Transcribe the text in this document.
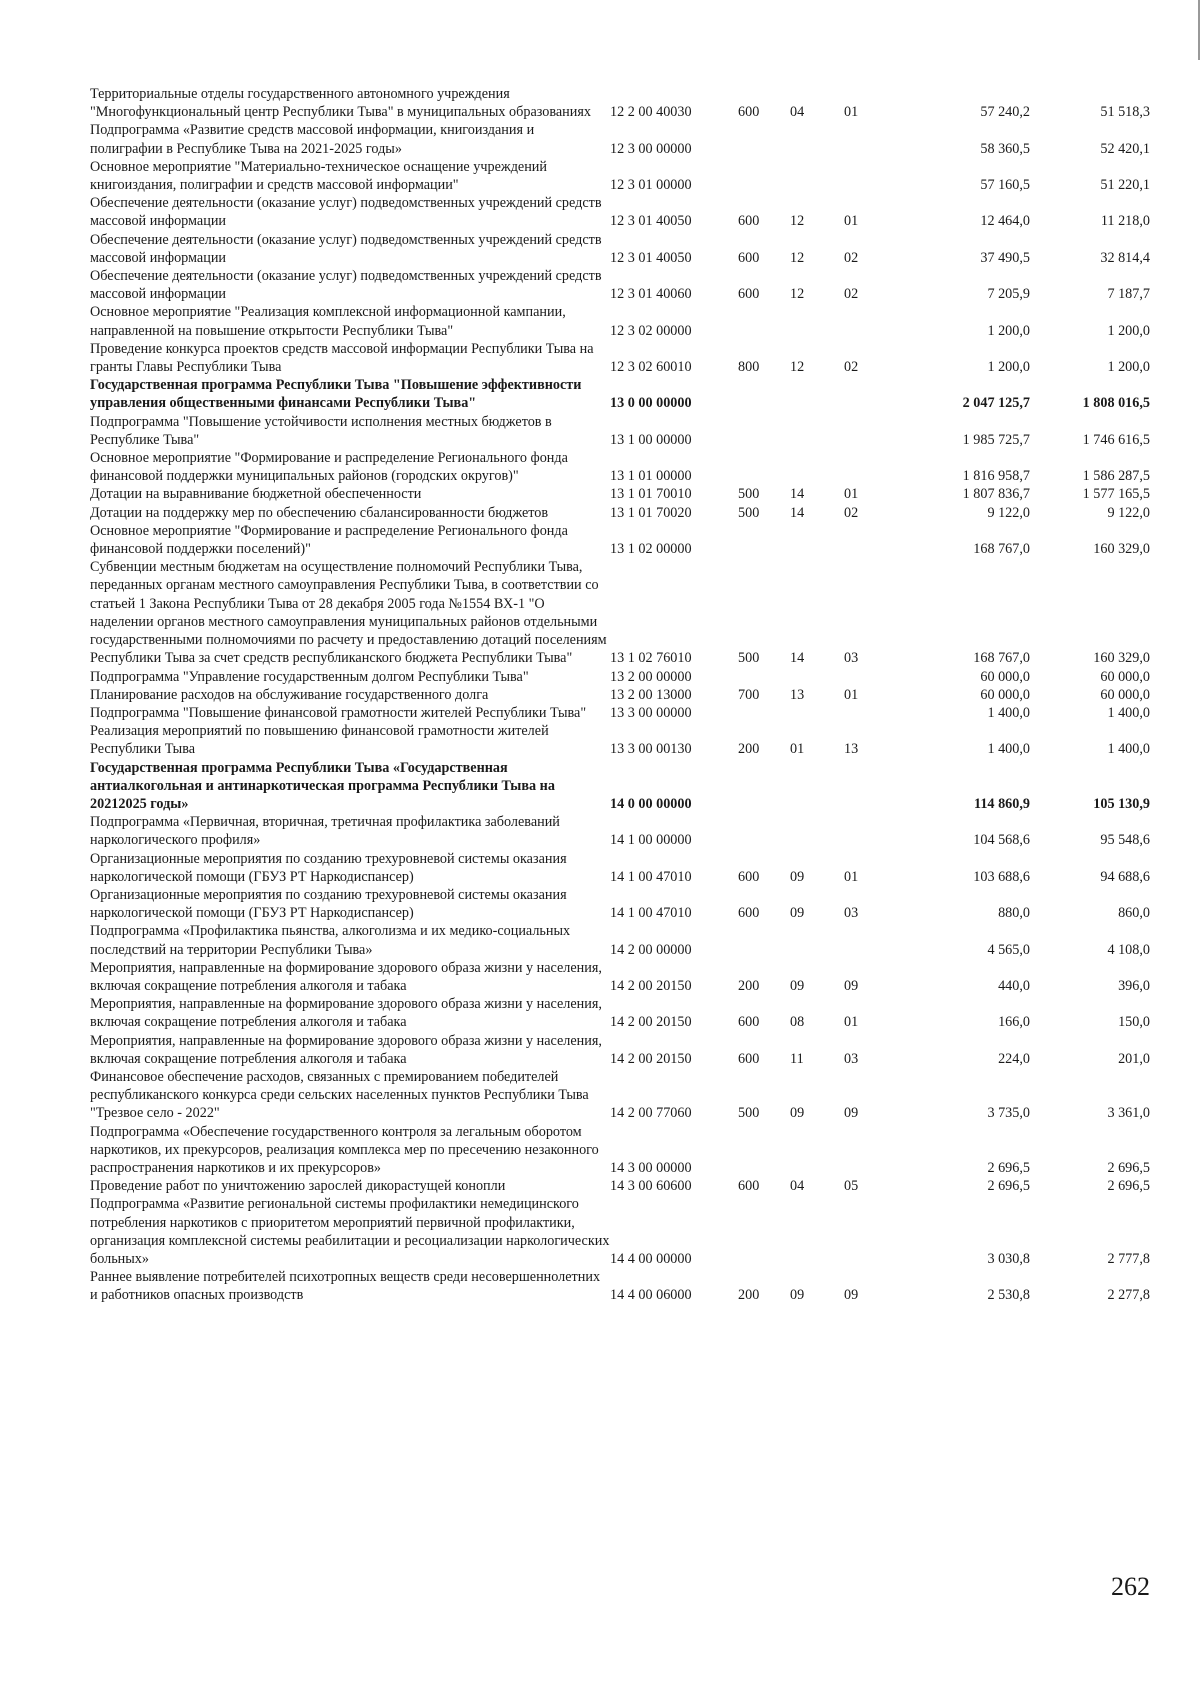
Территориальные отделы государственного автономного учреждения "Многофункциональный центр Республики Тыва" в муниципальных образованиях	12 2 00 40030	600	04	01	57 240,2	51 518,3
Подпрограмма «Развитие средств массовой информации, книгоиздания и полиграфии в Республике Тыва на 2021-2025 годы»	12 3 00 00000				58 360,5	52 420,1
Основное мероприятие "Материально-техническое оснащение учреждений книгоиздания, полиграфии и средств массовой информации"	12 3 01 00000				57 160,5	51 220,1
Обеспечение деятельности (оказание услуг) подведомственных учреждений средств массовой информации	12 3 01 40050	600	12	01	12 464,0	11 218,0
Обеспечение деятельности (оказание услуг) подведомственных учреждений средств массовой информации	12 3 01 40050	600	12	02	37 490,5	32 814,4
Обеспечение деятельности (оказание услуг) подведомственных учреждений средств массовой информации	12 3 01 40060	600	12	02	7 205,9	7 187,7
Основное мероприятие "Реализация комплексной информационной кампании, направленной на повышение открытости Республики Тыва"	12 3 02 00000				1 200,0	1 200,0
Проведение конкурса проектов средств массовой информации Республики Тыва на гранты Главы Республики Тыва	12 3 02 60010	800	12	02	1 200,0	1 200,0
Государственная программа Республики Тыва "Повышение эффективности управления общественными финансами Республики Тыва"	13 0 00 00000				2 047 125,7	1 808 016,5
Подпрограмма "Повышение устойчивости исполнения местных бюджетов в Республике Тыва"	13 1 00 00000				1 985 725,7	1 746 616,5
Основное мероприятие "Формирование и распределение Регионального фонда финансовой поддержки муниципальных районов (городских округов)"	13 1 01 00000				1 816 958,7	1 586 287,5
Дотации на выравнивание бюджетной обеспеченности	13 1 01 70010	500	14	01	1 807 836,7	1 577 165,5
Дотации на поддержку мер по обеспечению сбалансированности бюджетов	13 1 01 70020	500	14	02	9 122,0	9 122,0
Основное мероприятие "Формирование и распределение Регионального фонда финансовой поддержки поселений)"	13 1 02 00000				168 767,0	160 329,0
Субвенции местным бюджетам на осуществление полномочий Республики Тыва, переданных органам местного самоуправления Республики Тыва, в соответствии со статьей 1 Закона Республики Тыва от 28 декабря 2005 года №1554 ВХ-1 "О наделении органов местного самоуправления муниципальных районов отдельными государственными полномочиями по расчету и предоставлению дотаций поселениям Республики Тыва за счет средств республиканского бюджета Республики Тыва"	13 1 02 76010	500	14	03	168 767,0	160 329,0
Подпрограмма "Управление государственным долгом Республики Тыва"	13 2 00 00000				60 000,0	60 000,0
Планирование расходов на обслуживание государственного долга	13 2 00 13000	700	13	01	60 000,0	60 000,0
Подпрограмма "Повышение финансовой грамотности жителей Республики Тыва"	13 3 00 00000				1 400,0	1 400,0
Реализация мероприятий по повышению финансовой грамотности жителей Республики Тыва	13 3 00 00130	200	01	13	1 400,0	1 400,0
Государственная программа Республики Тыва «Государственная антиалкогольная и антинаркотическая программа Республики Тыва на 20212025 годы»	14 0 00 00000				114 860,9	105 130,9
Подпрограмма «Первичная, вторичная, третичная профилактика заболеваний наркологического профиля»	14 1 00 00000				104 568,6	95 548,6
Организационные мероприятия по созданию трехуровневой системы оказания наркологической помощи (ГБУЗ РТ Наркодиспансер)	14 1 00 47010	600	09	01	103 688,6	94 688,6
Организационные мероприятия по созданию трехуровневой системы оказания наркологической помощи (ГБУЗ РТ Наркодиспансер)	14 1 00 47010	600	09	03	880,0	860,0
Подпрограмма «Профилактика пьянства, алкоголизма и их медико-социальных последствий на территории Республики Тыва»	14 2 00 00000				4 565,0	4 108,0
Мероприятия, направленные на формирование здорового образа жизни у населения, включая сокращение потребления алкоголя и табака	14 2 00 20150	200	09	09	440,0	396,0
Мероприятия, направленные на формирование здорового образа жизни у населения, включая сокращение потребления алкоголя и табака	14 2 00 20150	600	08	01	166,0	150,0
Мероприятия, направленные на формирование здорового образа жизни у населения, включая сокращение потребления алкоголя и табака	14 2 00 20150	600	11	03	224,0	201,0
Финансовое обеспечение расходов, связанных с премированием победителей республиканского конкурса среди сельских населенных пунктов Республики Тыва "Трезвое село - 2022"	14 2 00 77060	500	09	09	3 735,0	3 361,0
Подпрограмма «Обеспечение государственного контроля за легальным оборотом наркотиков, их прекурсоров, реализация комплекса мер по пресечению незаконного распространения наркотиков и их прекурсоров»	14 3 00 00000				2 696,5	2 696,5
Проведение работ по уничтожению зарослей дикорастущей конопли	14 3 00 60600	600	04	05	2 696,5	2 696,5
Подпрограмма «Развитие региональной системы профилактики немедицинского потребления наркотиков с приоритетом мероприятий первичной профилактики, организация комплексной системы реабилитации и ресоциализации наркологических больных»	14 4 00 00000				3 030,8	2 777,8
Раннее выявление потребителей психотропных веществ среди несовершеннолетних и работников опасных производств	14 4 00 06000	200	09	09	2 530,8	2 277,8
262
